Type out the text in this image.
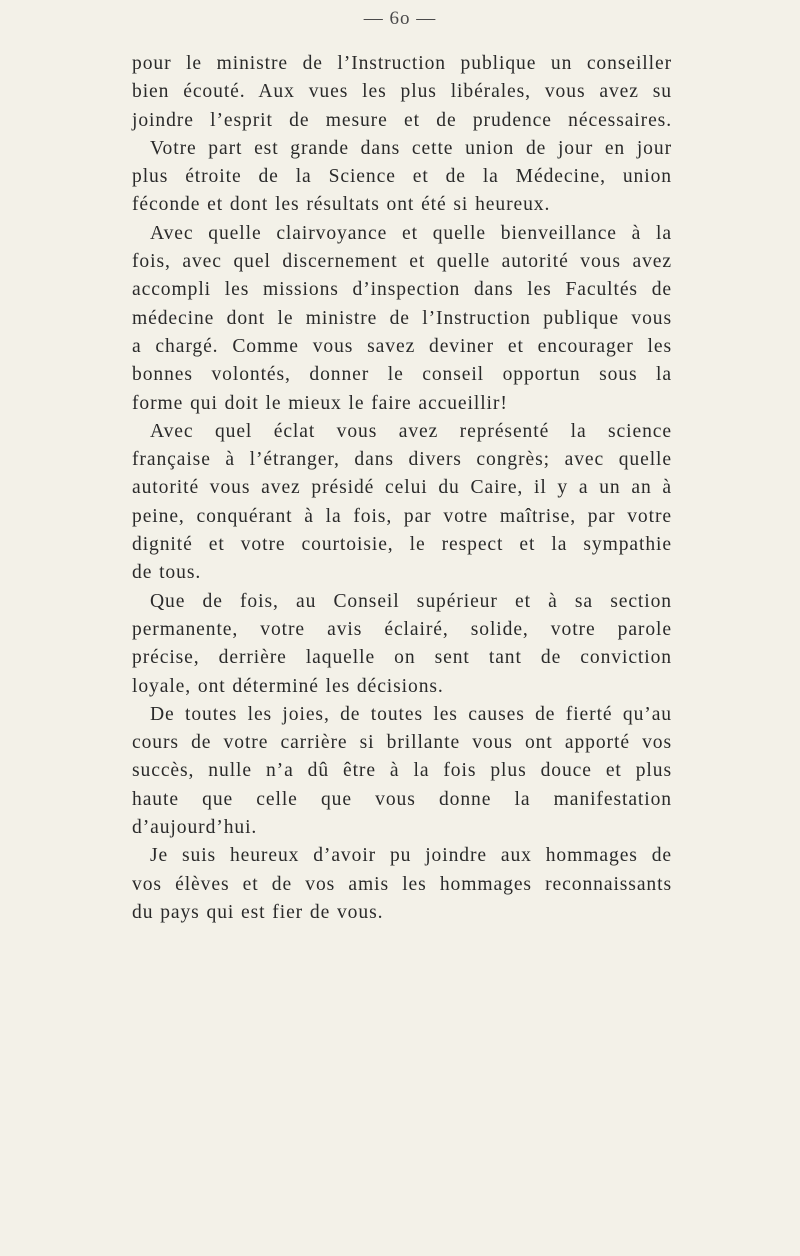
— 6o —
pour le ministre de l’Instruction publique un conseiller
bien écouté. Aux vues les plus libérales, vous avez su
joindre l’esprit de mesure et de prudence nécessaires.
Votre part est grande dans cette union de jour en jour
plus étroite de la Science et de la Médecine, union
féconde et dont les résultats ont été si heureux.
Avec quelle clairvoyance et quelle bienveillance à la
fois, avec quel discernement et quelle autorité vous avez
accompli les missions d’inspection dans les Facultés de
médecine dont le ministre de l’Instruction publique vous
a chargé. Comme vous savez deviner et encourager les
bonnes volontés, donner le conseil opportun sous la
forme qui doit le mieux le faire accueillir!
Avec quel éclat vous avez représenté la science
française à l’étranger, dans divers congrès; avec quelle
autorité vous avez présidé celui du Caire, il y a un an à
peine, conquérant à la fois, par votre maîtrise, par votre
dignité et votre courtoisie, le respect et la sympathie
de tous.
Que de fois, au Conseil supérieur et à sa section
permanente, votre avis éclairé, solide, votre parole
précise, derrière laquelle on sent tant de conviction
loyale, ont déterminé les décisions.
De toutes les joies, de toutes les causes de fierté qu’au
cours de votre carrière si brillante vous ont apporté vos
succès, nulle n’a dû être à la fois plus douce et plus
haute que celle que vous donne la manifestation
d’aujourd’hui.
Je suis heureux d’avoir pu joindre aux hommages de
vos élèves et de vos amis les hommages reconnaissants
du pays qui est fier de vous.
